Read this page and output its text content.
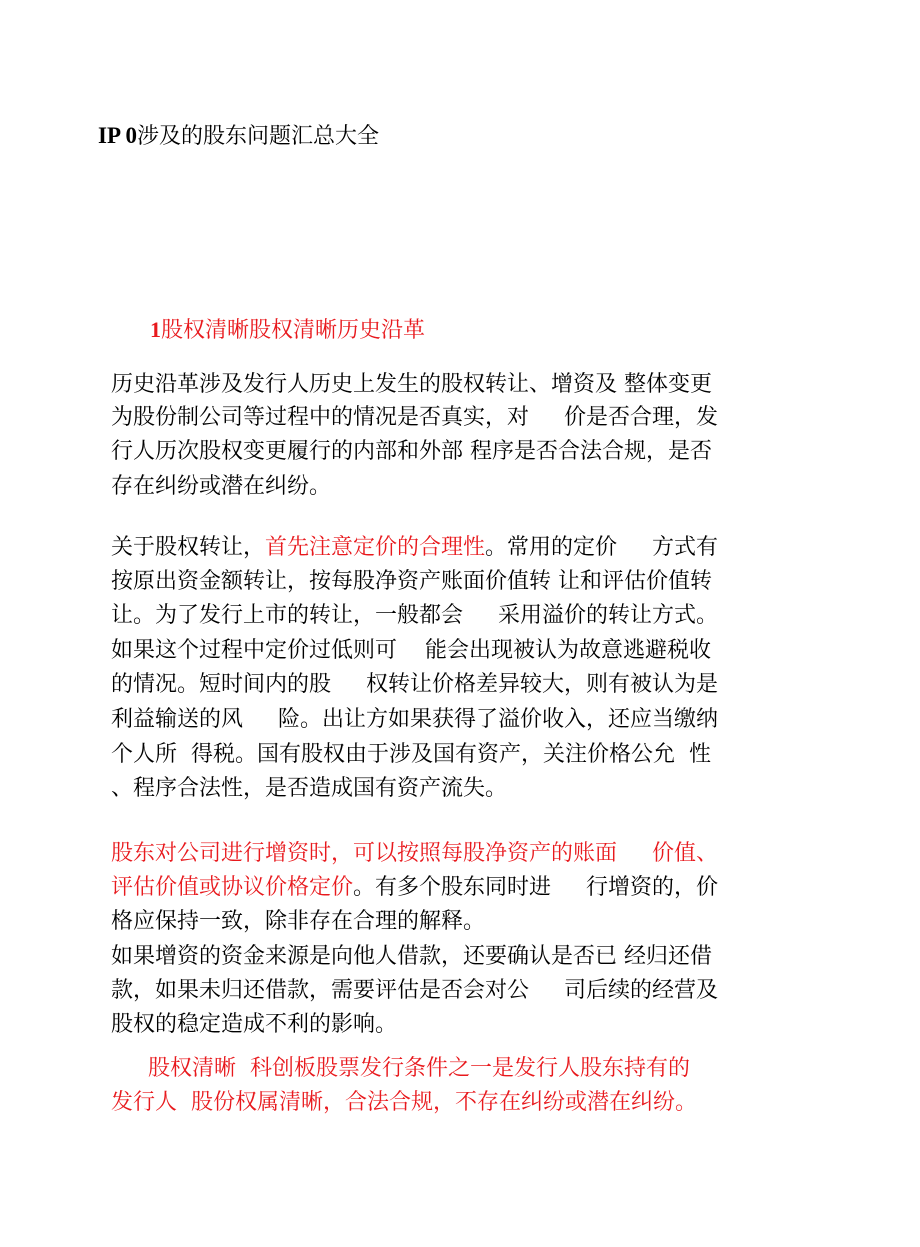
IP 0涉及的股东问题汇总大全
1股权清晰股权清晰历史沿革
历史沿革涉及发行人历史上发生的股权转让、增资及 整体变更
为股份制公司等过程中的情况是否真实，对     价是否合理，发
行人历次股权变更履行的内部和外部 程序是否合法合规，是否
存在纠纷或潜在纠纷。
关于股权转让，首先注意定价的合理性。常用的定价     方式有
按原出资金额转让，按每股净资产账面价值转 让和评估价值转
让。为了发行上市的转让，一般都会     采用溢价的转让方式。
如果这个过程中定价过低则可    能会出现被认为故意逃避税收
的情况。短时间内的股     权转让价格差异较大，则有被认为是
利益输送的风     险。出让方如果获得了溢价收入，还应当缴纳
个人所  得税。国有股权由于涉及国有资产，关注价格公允  性
、程序合法性，是否造成国有资产流失。
股东对公司进行增资时，可以按照每股净资产的账面     价值、
评估价值或协议价格定价。有多个股东同时进     行增资的，价
格应保持一致，除非存在合理的解释。
如果增资的资金来源是向他人借款，还要确认是否已 经归还借
款，如果未归还借款，需要评估是否会对公     司后续的经营及
股权的稳定造成不利的影响。
股权清晰  科创板股票发行条件之一是发行人股东持有的
发行人  股份权属清晰，合法合规，不存在纠纷或潜在纠纷。
